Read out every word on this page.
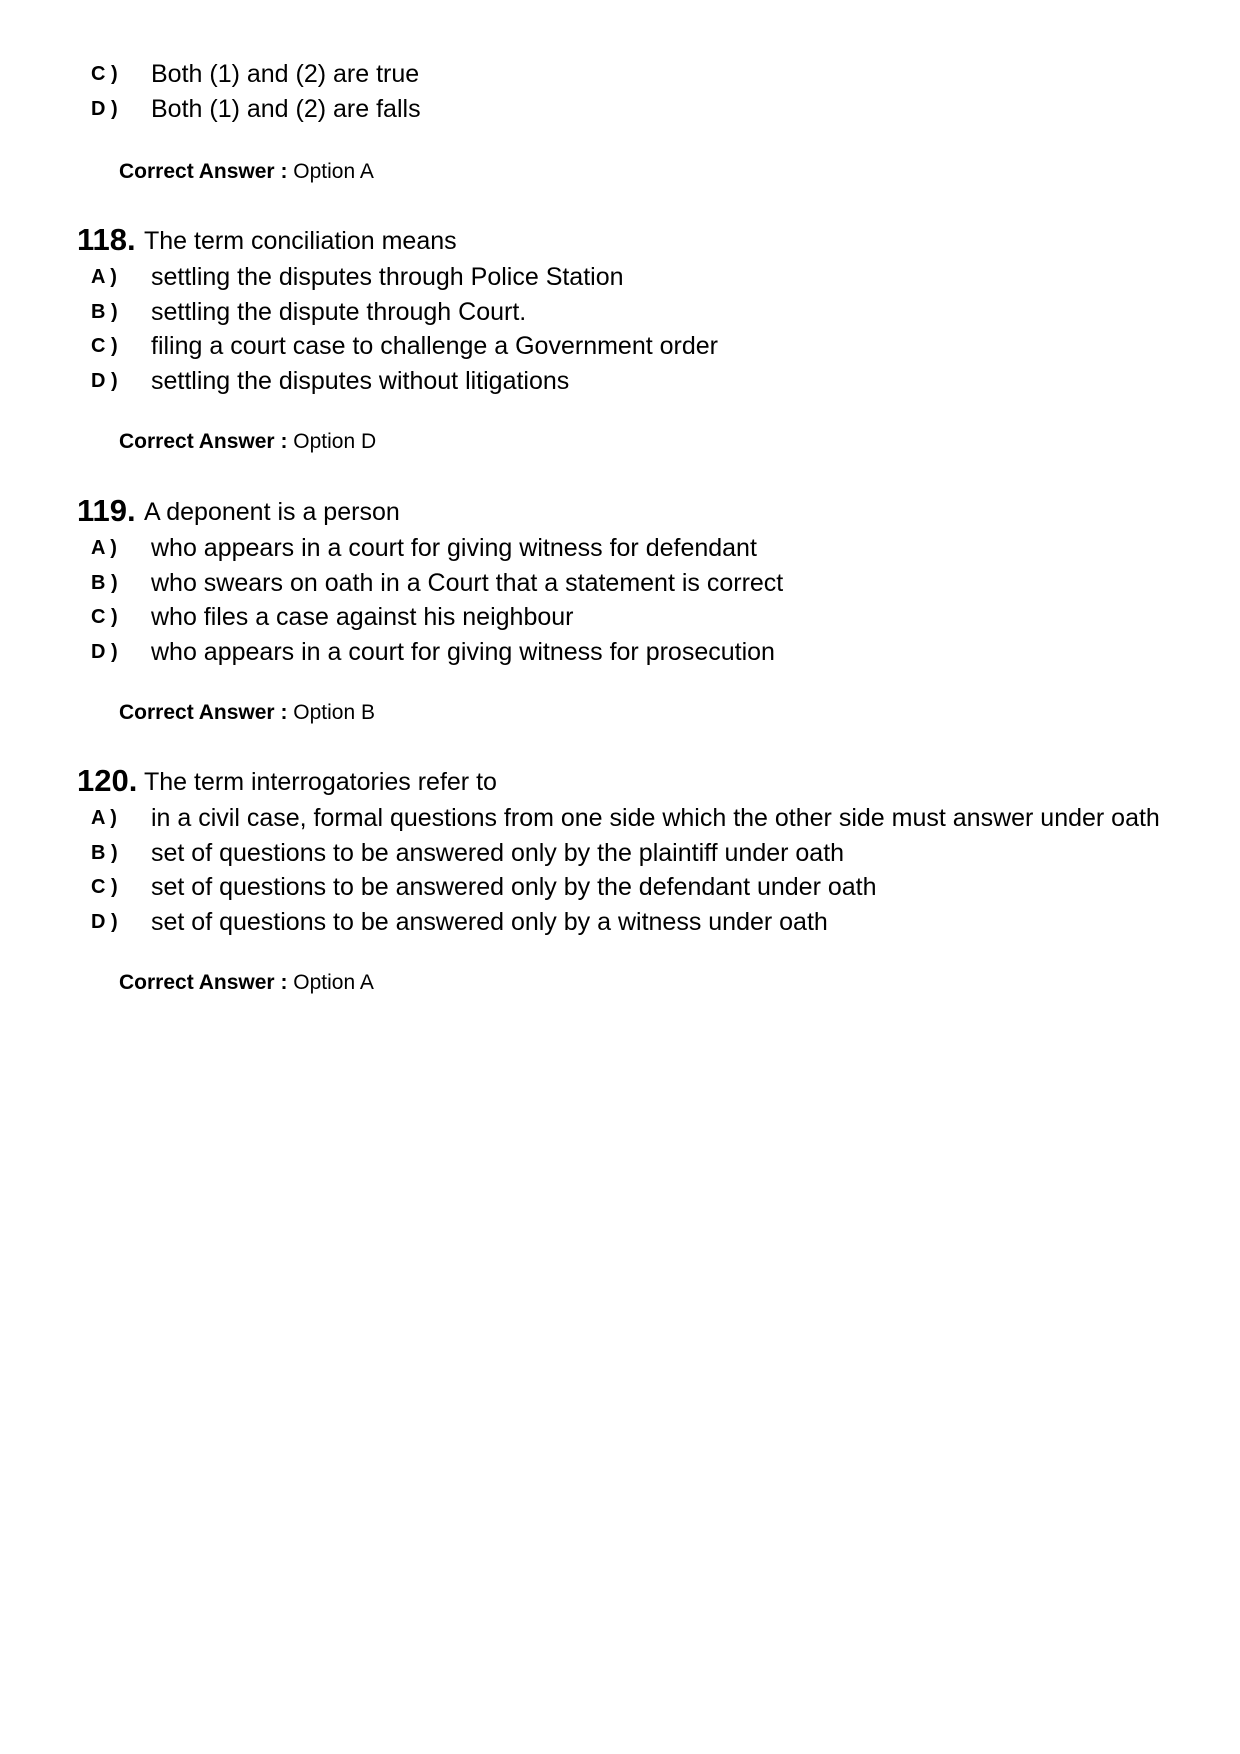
C ) Both (1) and (2) are true
D ) Both (1) and (2) are falls
Correct Answer : Option A
118. The term conciliation means
A ) settling the disputes through Police Station
B ) settling the dispute through Court.
C ) filing a court case to challenge a Government order
D ) settling the disputes without litigations
Correct Answer : Option D
119. A deponent is a person
A ) who appears in a court for giving witness for defendant
B ) who swears on oath in a Court that a statement is correct
C ) who files a case against his neighbour
D ) who appears in a court for giving witness for prosecution
Correct Answer : Option B
120. The term interrogatories refer to
A ) in a civil case, formal questions from one side which the other side must answer under oath
B ) set of questions to be answered only by the plaintiff under oath
C ) set of questions to be answered only by the defendant under oath
D ) set of questions to be answered only by a witness under oath
Correct Answer : Option A
